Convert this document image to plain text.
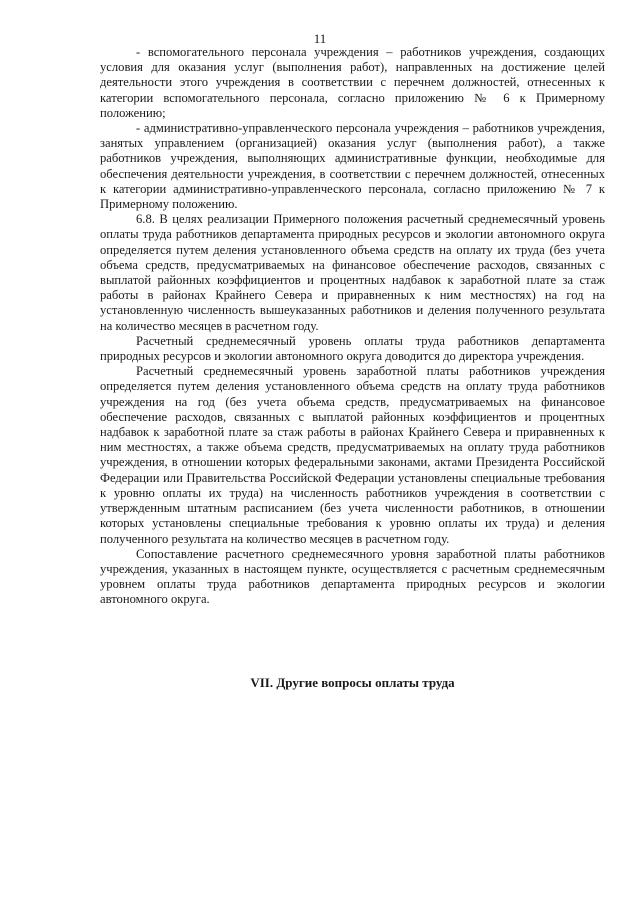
11

- вспомогательного персонала учреждения – работников учреждения, создающих условия для оказания услуг (выполнения работ), направленных на достижение целей деятельности этого учреждения в соответствии с перечнем должностей, отнесенных к категории вспомогательного персонала, согласно приложению № 6 к Примерному положению;

- административно-управленческого персонала учреждения – работников учреждения, занятых управлением (организацией) оказания услуг (выполнения работ), а также работников учреждения, выполняющих административные функции, необходимые для обеспечения деятельности учреждения, в соответствии с перечнем должностей, отнесенных к категории административно-управленческого персонала, согласно приложению № 7 к Примерному положению.

6.8. В целях реализации Примерного положения расчетный среднемесячный уровень оплаты труда работников департамента природных ресурсов и экологии автономного округа определяется путем деления установленного объема средств на оплату их труда (без учета объема средств, предусматриваемых на финансовое обеспечение расходов, связанных с выплатой районных коэффициентов и процентных надбавок к заработной плате за стаж работы в районах Крайнего Севера и приравненных к ним местностях) на год на установленную численность вышеуказанных работников и деления полученного результата на количество месяцев в расчетном году.

Расчетный среднемесячный уровень оплаты труда работников департамента природных ресурсов и экологии автономного округа доводится до директора учреждения.

Расчетный среднемесячный уровень заработной платы работников учреждения определяется путем деления установленного объема средств на оплату труда работников учреждения на год (без учета объема средств, предусматриваемых на финансовое обеспечение расходов, связанных с выплатой районных коэффициентов и процентных надбавок к заработной плате за стаж работы в районах Крайнего Севера и приравненных к ним местностях, а также объема средств, предусматриваемых на оплату труда работников учреждения, в отношении которых федеральными законами, актами Президента Российской Федерации или Правительства Российской Федерации установлены специальные требования к уровню оплаты их труда) на численность работников учреждения в соответствии с утвержденным штатным расписанием (без учета численности работников, в отношении которых установлены специальные требования к уровню оплаты их труда) и деления полученного результата на количество месяцев в расчетном году.

Сопоставление расчетного среднемесячного уровня заработной платы работников учреждения, указанных в настоящем пункте, осуществляется с расчетным среднемесячным уровнем оплаты труда работников департамента природных ресурсов и экологии автономного округа.

VII. Другие вопросы оплаты труда
